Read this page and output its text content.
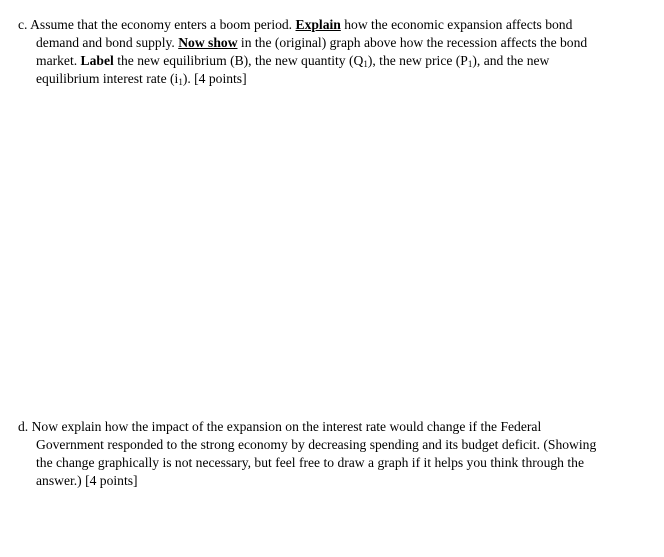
c. Assume that the economy enters a boom period. Explain how the economic expansion affects bond
demand and bond supply. Now show in the (original) graph above how the recession affects the bond
market. Label the new equilibrium (B), the new quantity $(Q_1)$, the new price $(P_1)$, and the new
equilibrium interest rate $(i_1)$. [4 points]
d. Now explain how the impact of the expansion on the interest rate would change if the Federal
Government responded to the strong economy by decreasing spending and its budget deficit. (Showing
the change graphically is not necessary, but feel free to draw a graph if it helps you think through the
answer.) [4 points]
